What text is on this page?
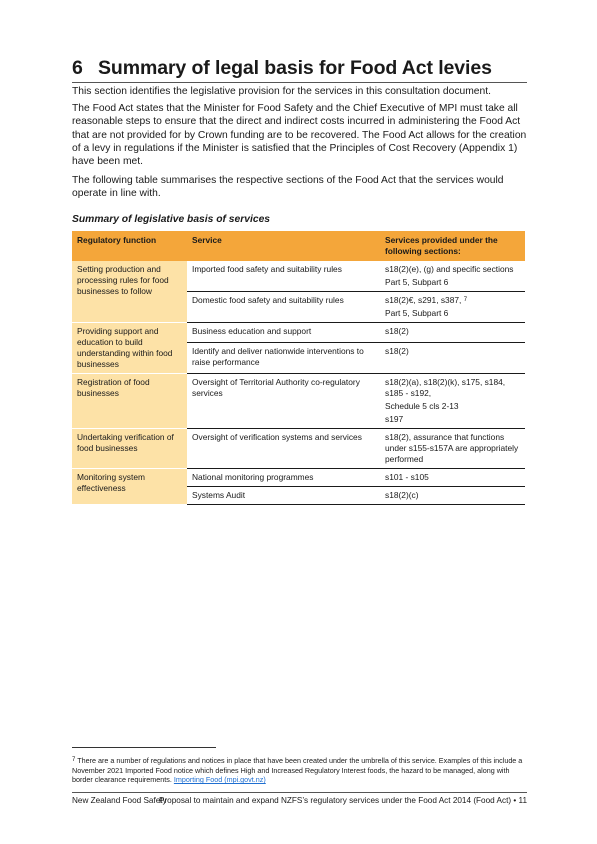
6 Summary of legal basis for Food Act levies

This section identifies the legislative provision for the services in this consultation document.

The Food Act states that the Minister for Food Safety and the Chief Executive of MPI must take all reasonable steps to ensure that the direct and indirect costs incurred in administering the Food Act that are not provided for by Crown funding are to be recovered. The Food Act allows for the creation of a levy in regulations if the Minister is satisfied that the Principles of Cost Recovery (Appendix 1) have been met.

The following table summarises the respective sections of the Food Act that the services would operate in line with.

Summary of legislative basis of services

Regulatory function	Service	Services provided under the following sections:
Setting production and processing rules for food businesses to follow	Imported food safety and suitability rules	s18(2)(e), (g) and specific sections
Part 5, Subpart 6

	Domestic food safety and suitability rules	s18(2)€, s291, s387, $^7$
Part 5, Subpart 6

Providing support and education to build understanding within food businesses	Business education and support	s18(2)

	Identify and deliver nationwide interventions to raise performance	s18(2)

Registration of food businesses	Oversight of Territorial Authority co-regulatory services	s18(2)(a), s18(2)(k), s175, s184, s185 - s192,
Schedule 5 cls 2-13
s197

Undertaking verification of food businesses	Oversight of verification systems and services	s18(2), assurance that functions under s155-s157A are appropriately performed

Monitoring system effectiveness	National monitoring programmes	s101 - s105

	Systems Audit	s18(2)(c)

$^7$ There are a number of regulations and notices in place that have been created under the umbrella of this service. Examples of this include a November 2021 Imported Food notice which defines High and Increased Regulatory Interest foods, the hazard to be managed, along with border clearance requirements. Importing Food (mpi.govt.nz)

New Zealand Food Safety
Proposal to maintain and expand NZFS’s regulatory services under the Food Act 2014 (Food Act) • 11
